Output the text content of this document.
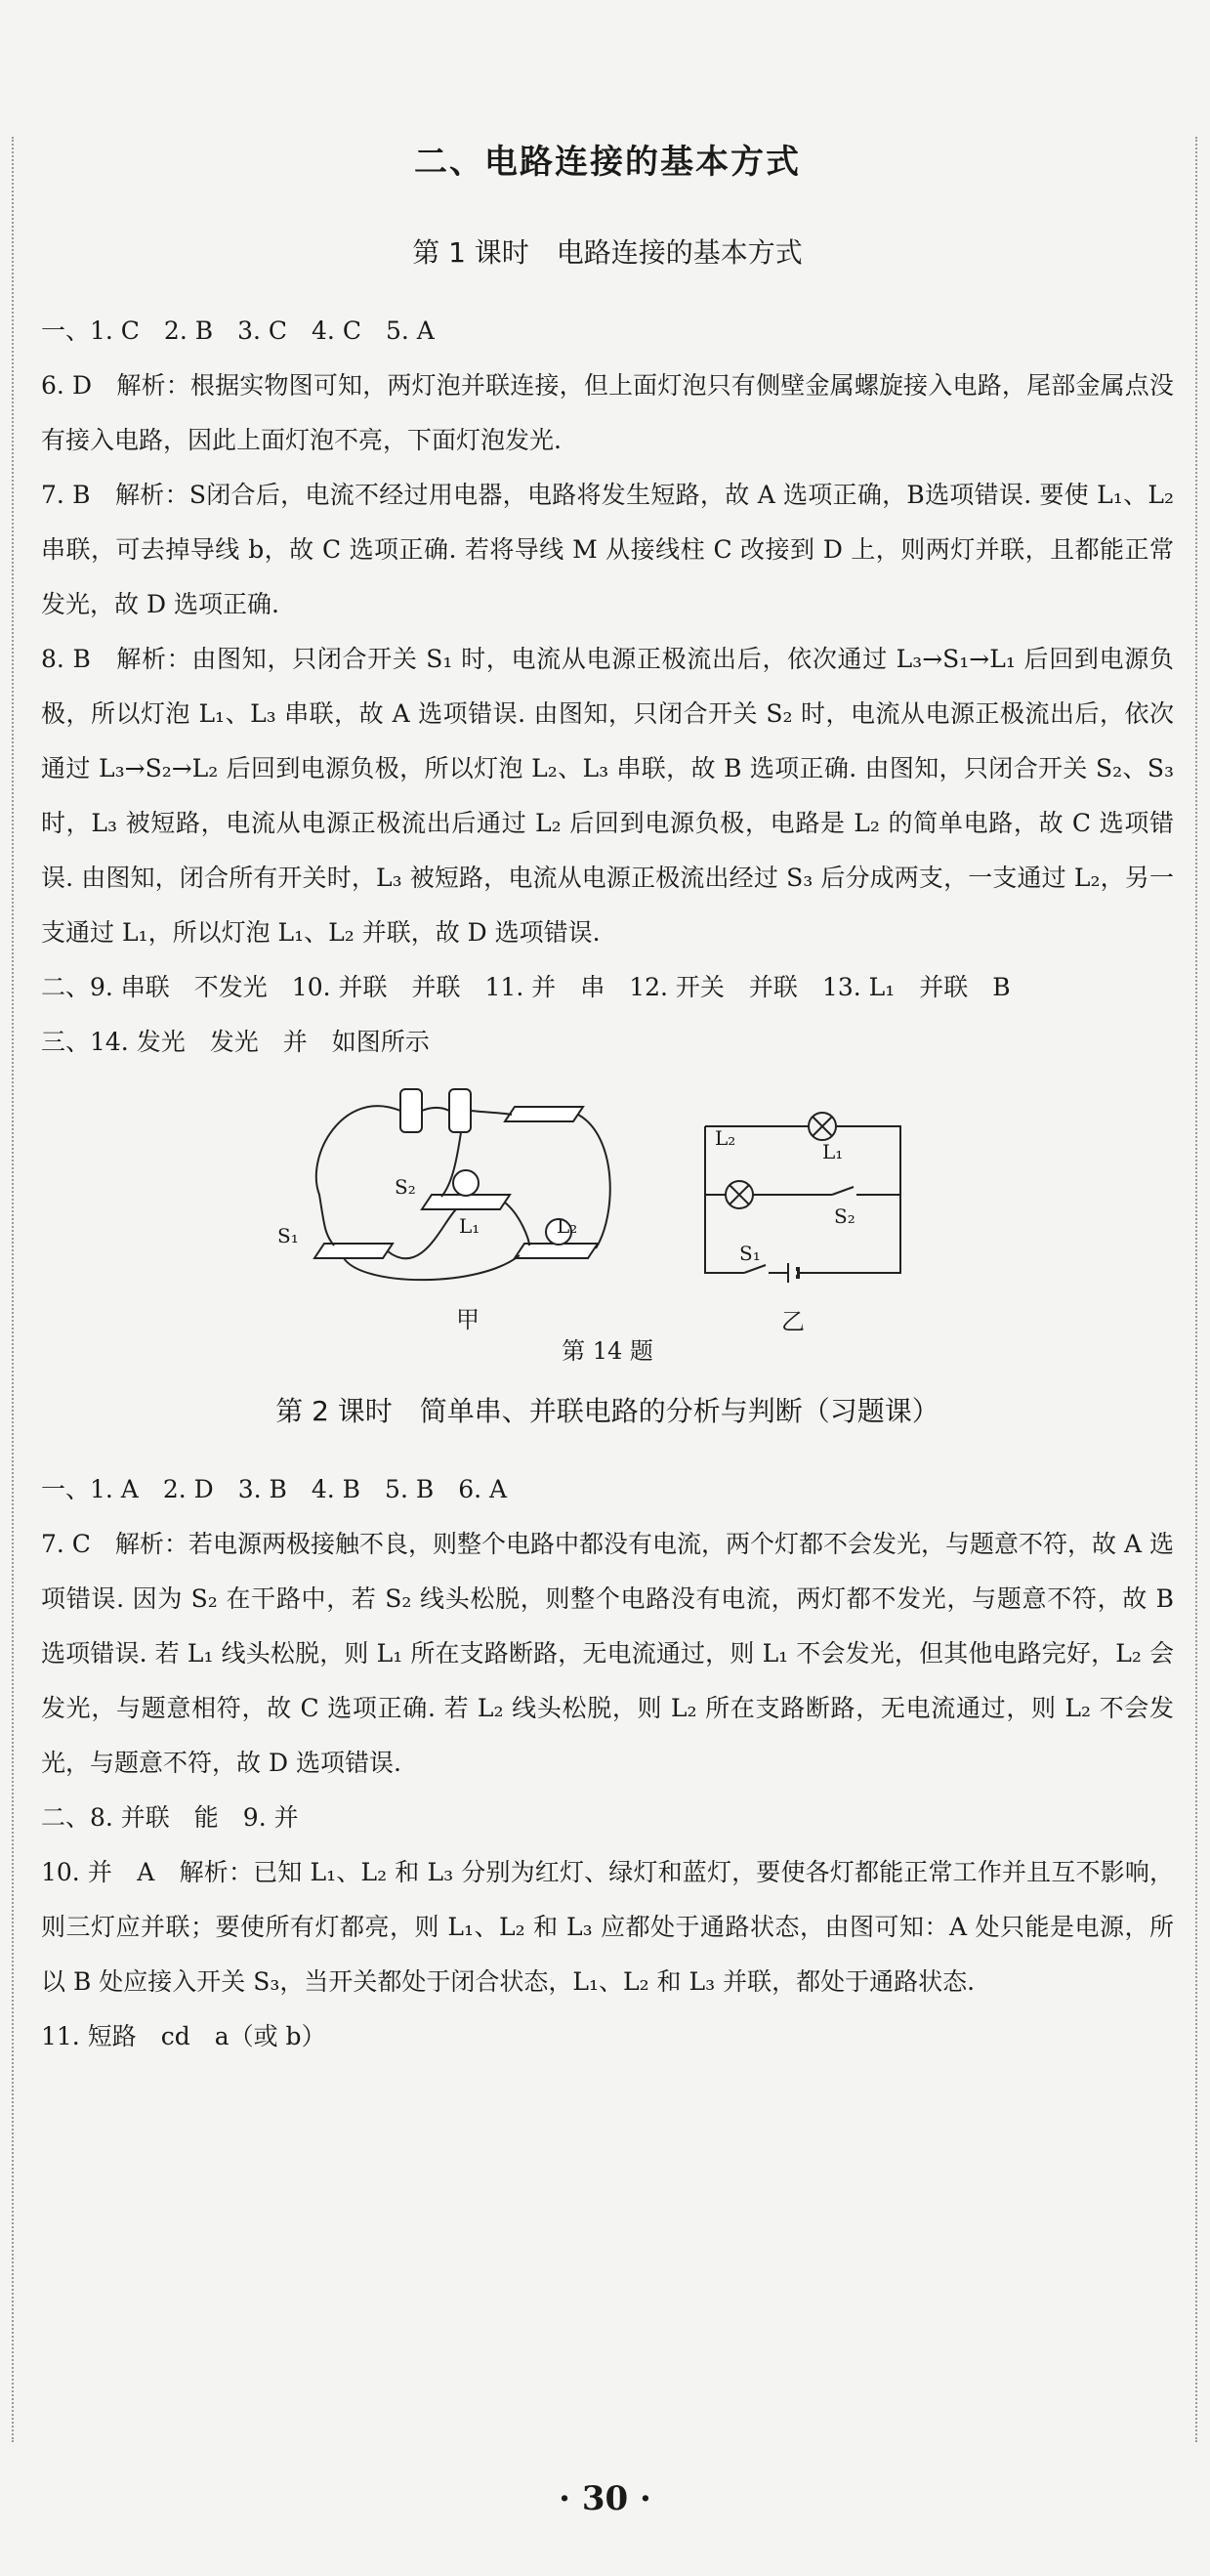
二、电路连接的基本方式
第 1 课时　电路连接的基本方式

一、1. C　2. B　3. C　4. C　5. A

6. D　解析：根据实物图可知，两灯泡并联连接，但上面灯泡只有侧壁金属螺旋接入电路，尾部金属点没有接入电路，因此上面灯泡不亮，下面灯泡发光.

7. B　解析：S闭合后，电流不经过用电器，电路将发生短路，故 A 选项正确，B选项错误. 要使 L₁、L₂ 串联，可去掉导线 b，故 C 选项正确. 若将导线 M 从接线柱 C 改接到 D 上，则两灯并联，且都能正常发光，故 D 选项正确.

8. B　解析：由图知，只闭合开关 S₁ 时，电流从电源正极流出后，依次通过 L₃→S₁→L₁ 后回到电源负极，所以灯泡 L₁、L₃ 串联，故 A 选项错误. 由图知，只闭合开关 S₂ 时，电流从电源正极流出后，依次通过 L₃→S₂→L₂ 后回到电源负极，所以灯泡 L₂、L₃ 串联，故 B 选项正确. 由图知，只闭合开关 S₂、S₃ 时，L₃ 被短路，电流从电源正极流出后通过 L₂ 后回到电源负极，电路是 L₂ 的简单电路，故 C 选项错误. 由图知，闭合所有开关时，L₃ 被短路，电流从电源正极流出经过 S₃ 后分成两支，一支通过 L₂，另一支通过 L₁，所以灯泡 L₁、L₂ 并联，故 D 选项错误.

二、9. 串联　不发光　10. 并联　并联　11. 并　串　12. 开关　并联　13. L₁　并联　B

三、14. 发光　发光　并　如图所示

S₂
S₁	L₁	L₂
甲
L₂
L₁
S₂
S₁
乙
第 14 题
第 2 课时　简单串、并联电路的分析与判断（习题课）

一、1. A　2. D　3. B　4. B　5. B　6. A

7. C　解析：若电源两极接触不良，则整个电路中都没有电流，两个灯都不会发光，与题意不符，故 A 选项错误. 因为 S₂ 在干路中，若 S₂ 线头松脱，则整个电路没有电流，两灯都不发光，与题意不符，故 B 选项错误. 若 L₁ 线头松脱，则 L₁ 所在支路断路，无电流通过，则 L₁ 不会发光，但其他电路完好，L₂ 会发光，与题意相符，故 C 选项正确. 若 L₂ 线头松脱，则 L₂ 所在支路断路，无电流通过，则 L₂ 不会发光，与题意不符，故 D 选项错误.

二、8. 并联　能　9. 并

10. 并　A　解析：已知 L₁、L₂ 和 L₃ 分别为红灯、绿灯和蓝灯，要使各灯都能正常工作并且互不影响，则三灯应并联；要使所有灯都亮，则 L₁、L₂ 和 L₃ 应都处于通路状态，由图可知：A 处只能是电源，所以 B 处应接入开关 S₃，当开关都处于闭合状态，L₁、L₂ 和 L₃ 并联，都处于通路状态.

11. 短路　cd　a（或 b）

· 30 ·
